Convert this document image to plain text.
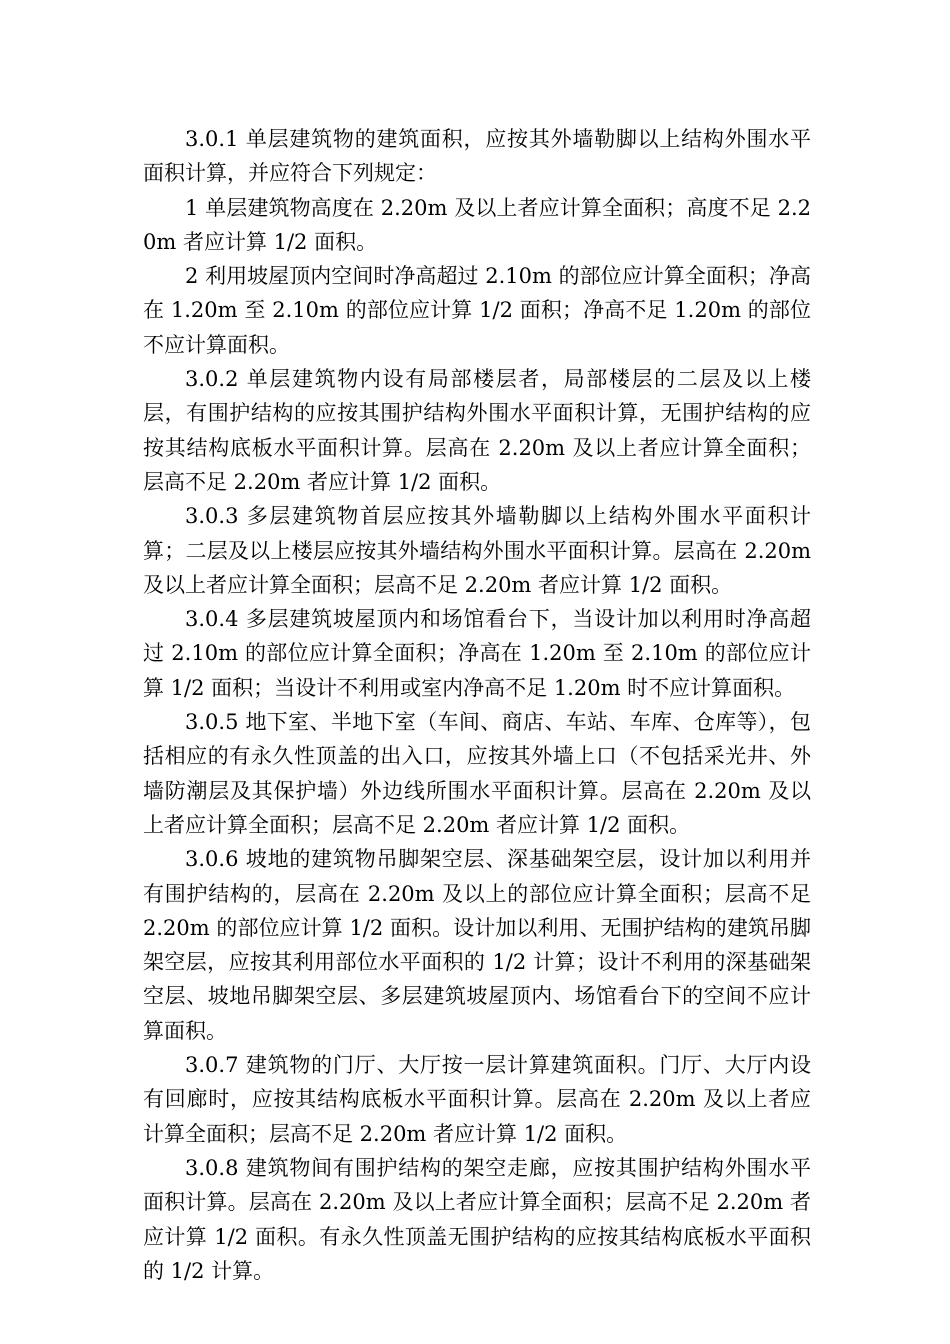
3.0.1 单层建筑物的建筑面积，应按其外墙勒脚以上结构外围水平面积计算，并应符合下列规定：

1 单层建筑物高度在 2.20m 及以上者应计算全面积；高度不足 2.20m 者应计算 1/2 面积。

2 利用坡屋顶内空间时净高超过 2.10m 的部位应计算全面积；净高在 1.20m 至 2.10m 的部位应计算 1/2 面积；净高不足 1.20m 的部位不应计算面积。

3.0.2 单层建筑物内设有局部楼层者，局部楼层的二层及以上楼层，有围护结构的应按其围护结构外围水平面积计算，无围护结构的应按其结构底板水平面积计算。层高在 2.20m 及以上者应计算全面积；层高不足 2.20m 者应计算 1/2 面积。

3.0.3 多层建筑物首层应按其外墙勒脚以上结构外围水平面积计算；二层及以上楼层应按其外墙结构外围水平面积计算。层高在 2.20m 及以上者应计算全面积；层高不足 2.20m 者应计算 1/2 面积。

3.0.4 多层建筑坡屋顶内和场馆看台下，当设计加以利用时净高超过 2.10m 的部位应计算全面积；净高在 1.20m 至 2.10m 的部位应计算 1/2 面积；当设计不利用或室内净高不足 1.20m 时不应计算面积。

3.0.5 地下室、半地下室（车间、商店、车站、车库、仓库等），包括相应的有永久性顶盖的出入口，应按其外墙上口（不包括采光井、外墙防潮层及其保护墙）外边线所围水平面积计算。层高在 2.20m 及以上者应计算全面积；层高不足 2.20m 者应计算 1/2 面积。

3.0.6 坡地的建筑物吊脚架空层、深基础架空层，设计加以利用并有围护结构的，层高在 2.20m 及以上的部位应计算全面积；层高不足 2.20m 的部位应计算 1/2 面积。设计加以利用、无围护结构的建筑吊脚架空层，应按其利用部位水平面积的 1/2 计算；设计不利用的深基础架空层、坡地吊脚架空层、多层建筑坡屋顶内、场馆看台下的空间不应计算面积。

3.0.7 建筑物的门厅、大厅按一层计算建筑面积。门厅、大厅内设有回廊时，应按其结构底板水平面积计算。层高在 2.20m 及以上者应计算全面积；层高不足 2.20m 者应计算 1/2 面积。

3.0.8 建筑物间有围护结构的架空走廊，应按其围护结构外围水平面积计算。层高在 2.20m 及以上者应计算全面积；层高不足 2.20m 者应计算 1/2 面积。有永久性顶盖无围护结构的应按其结构底板水平面积的 1/2 计算。
